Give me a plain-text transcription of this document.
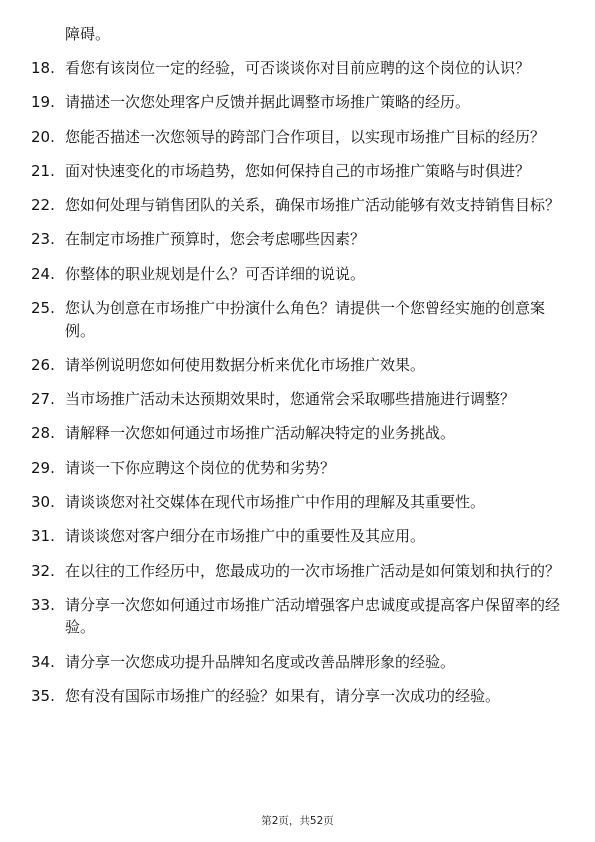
障碍。

18. 看您有该岗位一定的经验，可否谈谈你对目前应聘的这个岗位的认识？
19. 请描述一次您处理客户反馈并据此调整市场推广策略的经历。
20. 您能否描述一次您领导的跨部门合作项目，以实现市场推广目标的经历？
21. 面对快速变化的市场趋势，您如何保持自己的市场推广策略与时俱进？
22. 您如何处理与销售团队的关系，确保市场推广活动能够有效支持销售目标？
23. 在制定市场推广预算时，您会考虑哪些因素？
24. 你整体的职业规划是什么？可否详细的说说。
25. 您认为创意在市场推广中扮演什么角色？请提供一个您曾经实施的创意案例。
26. 请举例说明您如何使用数据分析来优化市场推广效果。
27. 当市场推广活动未达预期效果时，您通常会采取哪些措施进行调整？
28. 请解释一次您如何通过市场推广活动解决特定的业务挑战。
29. 请谈一下你应聘这个岗位的优势和劣势？
30. 请谈谈您对社交媒体在现代市场推广中作用的理解及其重要性。
31. 请谈谈您对客户细分在市场推广中的重要性及其应用。
32. 在以往的工作经历中，您最成功的一次市场推广活动是如何策划和执行的？
33. 请分享一次您如何通过市场推广活动增强客户忠诚度或提高客户保留率的经验。
34. 请分享一次您成功提升品牌知名度或改善品牌形象的经验。
35. 您有没有国际市场推广的经验？如果有，请分享一次成功的经验。
第2页，共52页
